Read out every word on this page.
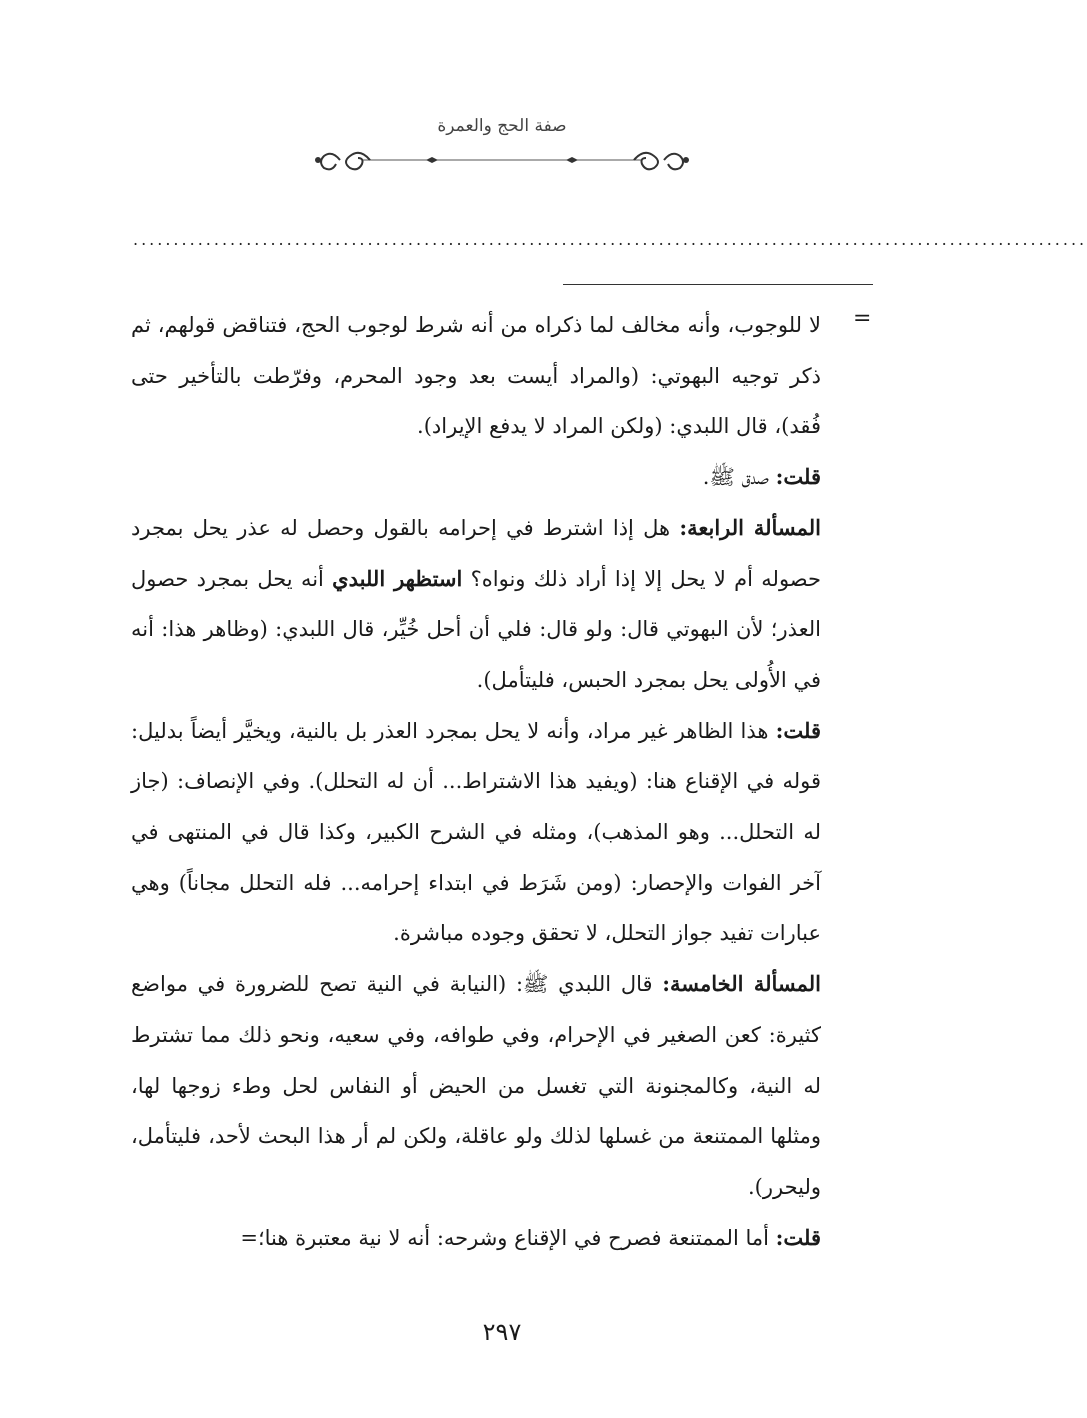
صفة الحج والعمرة
......................................................................................................................
=

لا للوجوب، وأنه مخالف لما ذكراه من أنه شرط لوجوب الحج، فتناقض قولهم، ثم ذكر توجيه البهوتي: (والمراد أيست بعد وجود المحرم، وفرّطت بالتأخير حتى فُقد)، قال اللبدي: (ولكن المراد لا يدفع الإيراد).

قلت: صدق ﷺ.

المسألة الرابعة: هل إذا اشترط في إحرامه بالقول وحصل له عذر يحل بمجرد حصوله أم لا يحل إلا إذا أراد ذلك ونواه؟ استظهر اللبدي أنه يحل بمجرد حصول العذر؛ لأن البهوتي قال: ولو قال: فلي أن أحل خُيِّر، قال اللبدي: (وظاهر هذا: أنه في الأُولى يحل بمجرد الحبس، فليتأمل).

قلت: هذا الظاهر غير مراد، وأنه لا يحل بمجرد العذر بل بالنية، ويخيَّر أيضاً بدليل: قوله في الإقناع هنا: (ويفيد هذا الاشتراط... أن له التحلل). وفي الإنصاف: (جاز له التحلل... وهو المذهب)، ومثله في الشرح الكبير، وكذا قال في المنتهى في آخر الفوات والإحصار: (ومن شَرَط في ابتداء إحرامه... فله التحلل مجاناً) وهي عبارات تفيد جواز التحلل، لا تحقق وجوده مباشرة.

المسألة الخامسة: قال اللبدي ﷺ: (النيابة في النية تصح للضرورة في مواضع كثيرة: كعن الصغير في الإحرام، وفي طوافه، وفي سعيه، ونحو ذلك مما تشترط له النية، وكالمجنونة التي تغسل من الحيض أو النفاس لحل وطء زوجها لها، ومثلها الممتنعة من غسلها لذلك ولو عاقلة، ولكن لم أر هذا البحث لأحد، فليتأمل، وليحرر).

قلت: أما الممتنعة فصرح في الإقناع وشرحه: أنه لا نية معتبرة هنا؛=

٢٩٧
